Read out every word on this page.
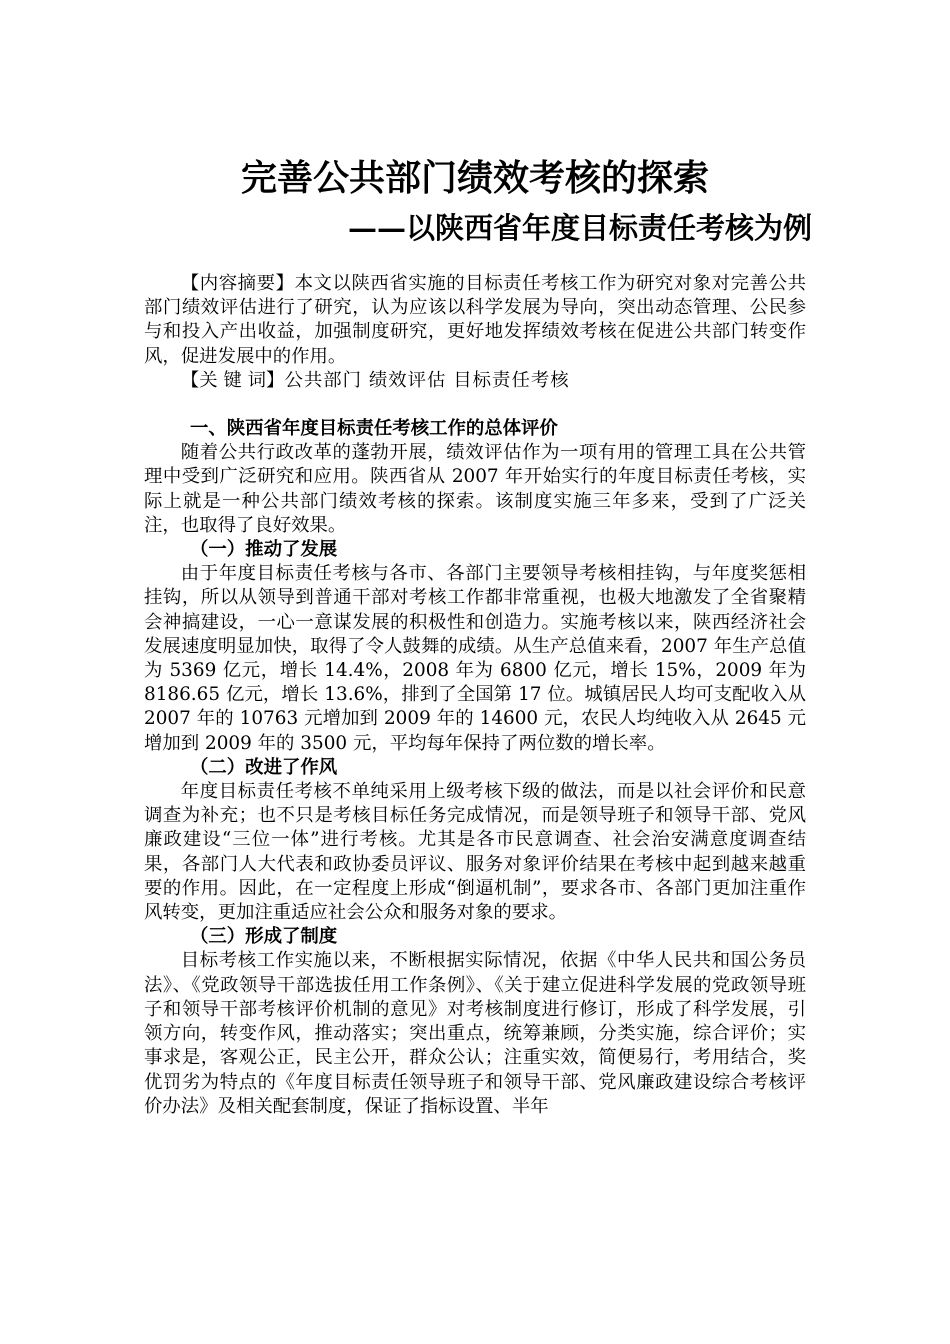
完善公共部门绩效考核的探索
——以陕西省年度目标责任考核为例

【内容摘要】本文以陕西省实施的目标责任考核工作为研究对象对完善公共部门绩效评估进行了研究，认为应该以科学发展为导向，突出动态管理、公民参与和投入产出收益，加强制度研究，更好地发挥绩效考核在促进公共部门转变作风，促进发展中的作用。

【关 键 词】公共部门 绩效评估 目标责任考核

一、陕西省年度目标责任考核工作的总体评价

随着公共行政改革的蓬勃开展，绩效评估作为一项有用的管理工具在公共管理中受到广泛研究和应用。陕西省从 2007 年开始实行的年度目标责任考核，实际上就是一种公共部门绩效考核的探索。该制度实施三年多来，受到了广泛关注，也取得了良好效果。

（一）推动了发展

由于年度目标责任考核与各市、各部门主要领导考核相挂钩，与年度奖惩相挂钩，所以从领导到普通干部对考核工作都非常重视，也极大地激发了全省聚精会神搞建设，一心一意谋发展的积极性和创造力。实施考核以来，陕西经济社会发展速度明显加快，取得了令人鼓舞的成绩。从生产总值来看，2007 年生产总值为 5369 亿元，增长 14.4%，2008 年为 6800 亿元，增长 15%，2009 年为 8186.65 亿元，增长 13.6%，排到了全国第 17 位。城镇居民人均可支配收入从 2007 年的 10763 元增加到 2009 年的 14600 元，农民人均纯收入从 2645 元增加到 2009 年的 3500 元，平均每年保持了两位数的增长率。

（二）改进了作风

年度目标责任考核不单纯采用上级考核下级的做法，而是以社会评价和民意调查为补充；也不只是考核目标任务完成情况，而是领导班子和领导干部、党风廉政建设“三位一体”进行考核。尤其是各市民意调查、社会治安满意度调查结果，各部门人大代表和政协委员评议、服务对象评价结果在考核中起到越来越重要的作用。因此，在一定程度上形成“倒逼机制”，要求各市、各部门更加注重作风转变，更加注重适应社会公众和服务对象的要求。

（三）形成了制度

目标考核工作实施以来，不断根据实际情况，依据《中华人民共和国公务员法》、《党政领导干部选拔任用工作条例》、《关于建立促进科学发展的党政领导班子和领导干部考核评价机制的意见》对考核制度进行修订，形成了科学发展，引领方向，转变作风，推动落实；突出重点，统筹兼顾，分类实施，综合评价；实事求是，客观公正，民主公开，群众公认；注重实效，简便易行，考用结合，奖优罚劣为特点的《年度目标责任领导班子和领导干部、党风廉政建设综合考核评价办法》及相关配套制度，保证了指标设置、半年
